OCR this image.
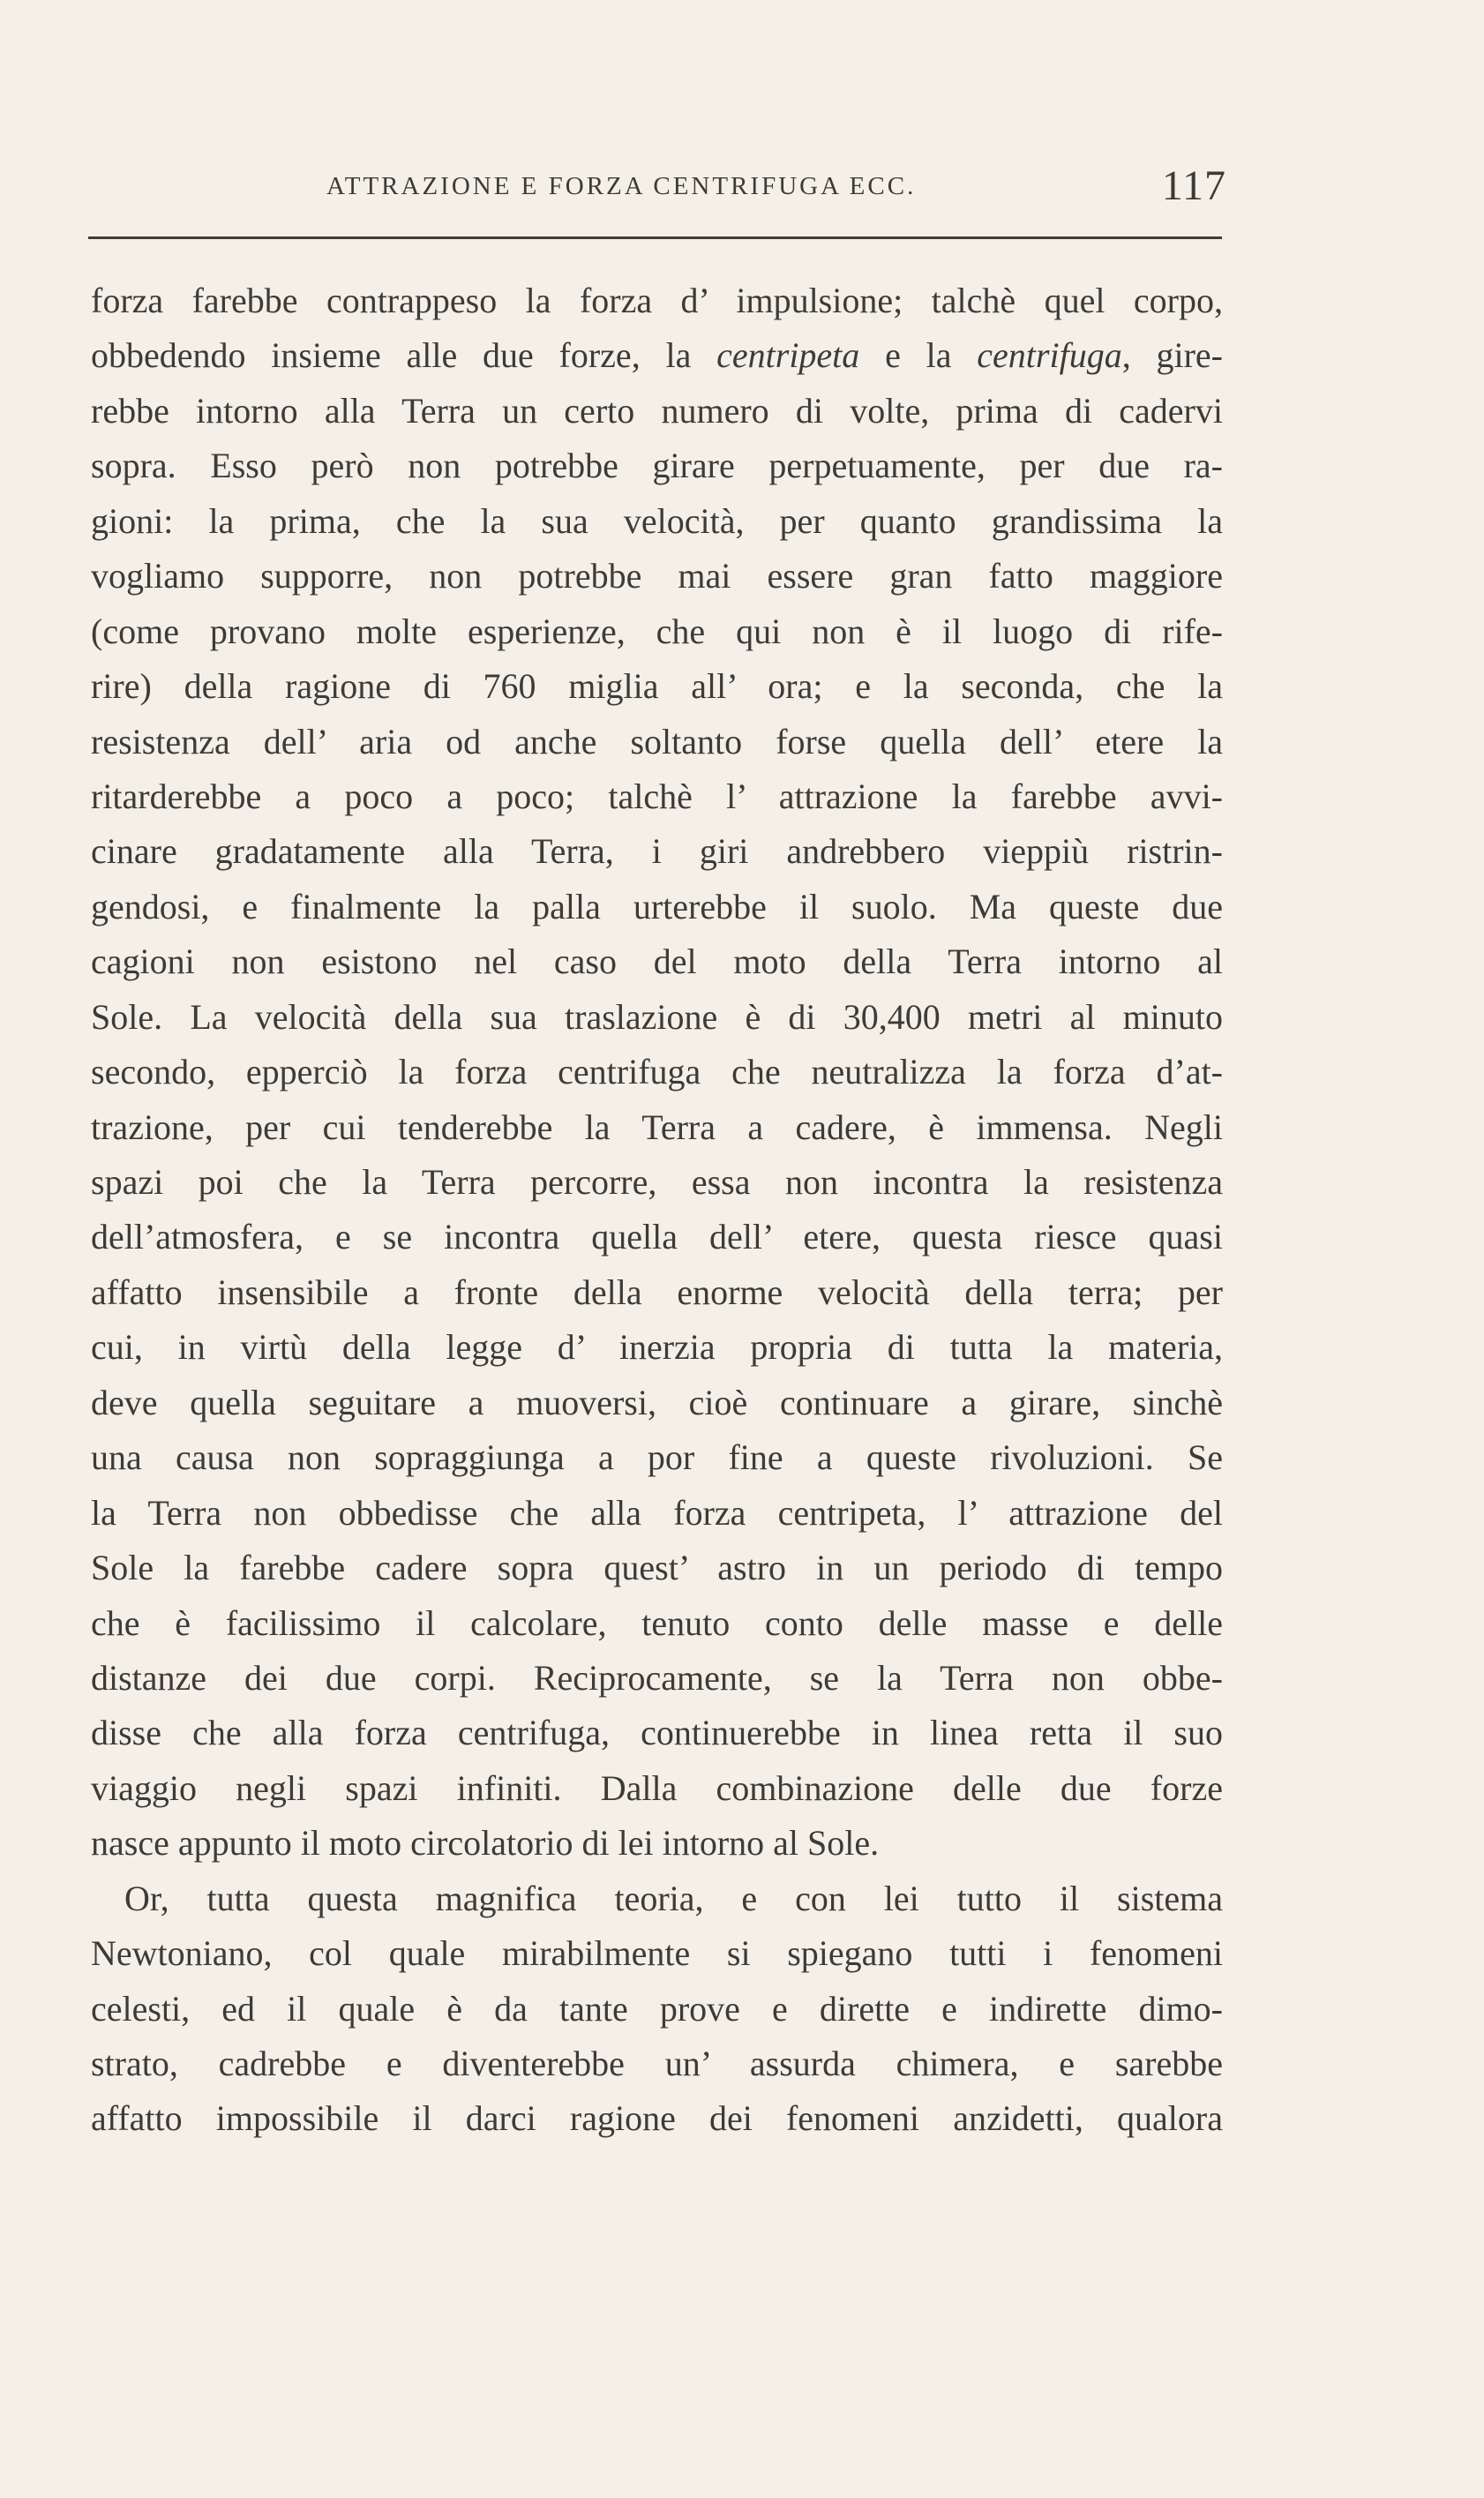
ATTRAZIONE E FORZA CENTRIFUGA ECC.	117
forza farebbe contrappeso la forza d’ impulsione; talchè quel corpo,
obbedendo insieme alle due forze, la centripeta e la centrifuga, gire-
rebbe intorno alla Terra un certo numero di volte, prima di cadervi
sopra. Esso però non potrebbe girare perpetuamente, per due ra-
gioni: la prima, che la sua velocità, per quanto grandissima la
vogliamo supporre, non potrebbe mai essere gran fatto maggiore
(come provano molte esperienze, che qui non è il luogo di rife-
rire) della ragione di 760 miglia all’ ora; e la seconda, che la
resistenza dell’ aria od anche soltanto forse quella dell’ etere la
ritarderebbe a poco a poco; talchè l’ attrazione la farebbe avvi-
cinare gradatamente alla Terra, i giri andrebbero vieppiù ristrin-
gendosi, e finalmente la palla urterebbe il suolo. Ma queste due
cagioni non esistono nel caso del moto della Terra intorno al
Sole. La velocità della sua traslazione è di 30,400 metri al minuto
secondo, epperciò la forza centrifuga che neutralizza la forza d’at-
trazione, per cui tenderebbe la Terra a cadere, è immensa. Negli
spazi poi che la Terra percorre, essa non incontra la resistenza
dell’atmosfera, e se incontra quella dell’ etere, questa riesce quasi
affatto insensibile a fronte della enorme velocità della terra; per
cui, in virtù della legge d’ inerzia propria di tutta la materia,
deve quella seguitare a muoversi, cioè continuare a girare, sinchè
una causa non sopraggiunga a por fine a queste rivoluzioni. Se
la Terra non obbedisse che alla forza centripeta, l’ attrazione del
Sole la farebbe cadere sopra quest’ astro in un periodo di tempo
che è facilissimo il calcolare, tenuto conto delle masse e delle
distanze dei due corpi. Reciprocamente, se la Terra non obbe-
disse che alla forza centrifuga, continuerebbe in linea retta il suo
viaggio negli spazi infiniti. Dalla combinazione delle due forze
nasce appunto il moto circolatorio di lei intorno al Sole.
Or, tutta questa magnifica teoria, e con lei tutto il sistema
Newtoniano, col quale mirabilmente si spiegano tutti i fenomeni
celesti, ed il quale è da tante prove e dirette e indirette dimo-
strato, cadrebbe e diventerebbe un’ assurda chimera, e sarebbe
affatto impossibile il darci ragione dei fenomeni anzidetti, qualora
